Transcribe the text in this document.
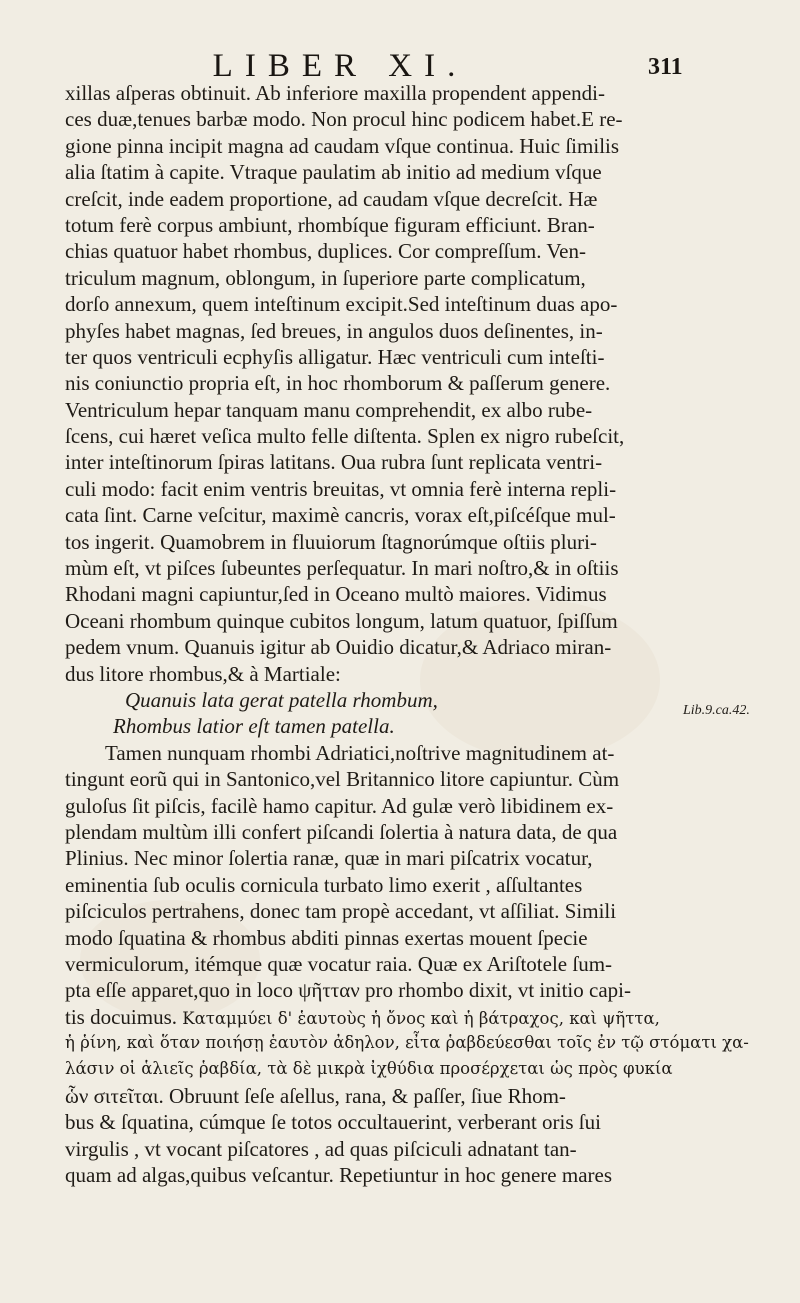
LIBER XI.	311
xillas aſperas obtinuit. Ab inferiore maxilla propendent appendi-
ces duæ,tenues barbæ modo. Non procul hinc podicem habet.E re-
gione pinna incipit magna ad caudam vſque continua. Huic ſimilis
alia ſtatim à capite. Vtraque paulatim ab initio ad medium vſque
creſcit, inde eadem proportione, ad caudam vſque decreſcit. Hæ
totum ferè corpus ambiunt, rhombíque figuram efficiunt. Bran-
chias quatuor habet rhombus, duplices. Cor compreſſum. Ven-
triculum magnum, oblongum, in ſuperiore parte complicatum,
dorſo annexum, quem inteſtinum excipit.Sed inteſtinum duas apo-
phyſes habet magnas, ſed breues, in angulos duos deſinentes, in-
ter quos ventriculi ecphyſis alligatur. Hæc ventriculi cum inteſti-
nis coniunctio propria eſt, in hoc rhomborum & paſſerum genere.
Ventriculum hepar tanquam manu comprehendit, ex albo rube-
ſcens, cui hæret veſica multo felle diſtenta. Splen ex nigro rubeſcit,
inter inteſtinorum ſpiras latitans. Oua rubra ſunt replicata ventri-
culi modo: facit enim ventris breuitas, vt omnia ferè interna repli-
cata ſint. Carne veſcitur, maximè cancris, vorax eſt,piſcéſque mul-
tos ingerit. Quamobrem in fluuiorum ſtagnorúmque oſtiis pluri-
mùm eſt, vt piſces ſubeuntes perſequatur. In mari noſtro,& in oſtiis
Rhodani magni capiuntur,ſed in Oceano multò maiores. Vidimus
Oceani rhombum quinque cubitos longum, latum quatuor, ſpiſſum
pedem vnum. Quanuis igitur ab Ouidio dicatur,& Adriaco miran-
dus litore rhombus,& à Martiale:
Quanuis lata gerat patella rhombum,
Rhombus latior eſt tamen patella.
Tamen nunquam rhombi Adriatici,noſtrive magnitudinem at-
tingunt eorũ qui in Santonico,vel Britannico litore capiuntur. Cùm
guloſus ſit piſcis, facilè hamo capitur. Ad gulæ verò libidinem ex-
plendam multùm illi confert piſcandi ſolertia à natura data, de qua
Plinius. Nec minor ſolertia ranæ, quæ in mari piſcatrix vocatur,
eminentia ſub oculis cornicula turbato limo exerit , aſſultantes
piſciculos pertrahens, donec tam propè accedant, vt aſſiliat. Simili
modo ſquatina & rhombus abditi pinnas exertas mouent ſpecie
vermiculorum, itémque quæ vocatur raia. Quæ ex Ariſtotele ſum-
pta eſſe apparet,quo in loco ψῆτταν pro rhombo dixit, vt initio capi-
tis docuimus. Καταμμύει δ' ἑαυτοὺς ἡ ὄνος καὶ ἡ βάτραχος, καὶ ψῆττα,
ἡ ῥίνη, καὶ ὅταν ποιήσῃ ἑαυτὸν ἀδηλον, εἶτα ῥαβδεύεσθαι τοῖς ἐν τῷ στόματι χα-
λάσιν οἱ ἁλιεῖς ῥαβδία, τὰ δὲ μικρὰ ἰχθύδια προσέρχεται ὡς πρὸς φυκία
ὧν σιτεῖται. Obruunt ſeſe aſellus, rana, & paſſer, ſiue Rhom-
bus & ſquatina, cúmque ſe totos occultauerint, verberant oris ſui
virgulis , vt vocant piſcatores , ad quas piſciculi adnatant tan-
quam ad algas,quibus veſcantur. Repetiuntur in hoc genere mares
Lib.9.ca.42.
